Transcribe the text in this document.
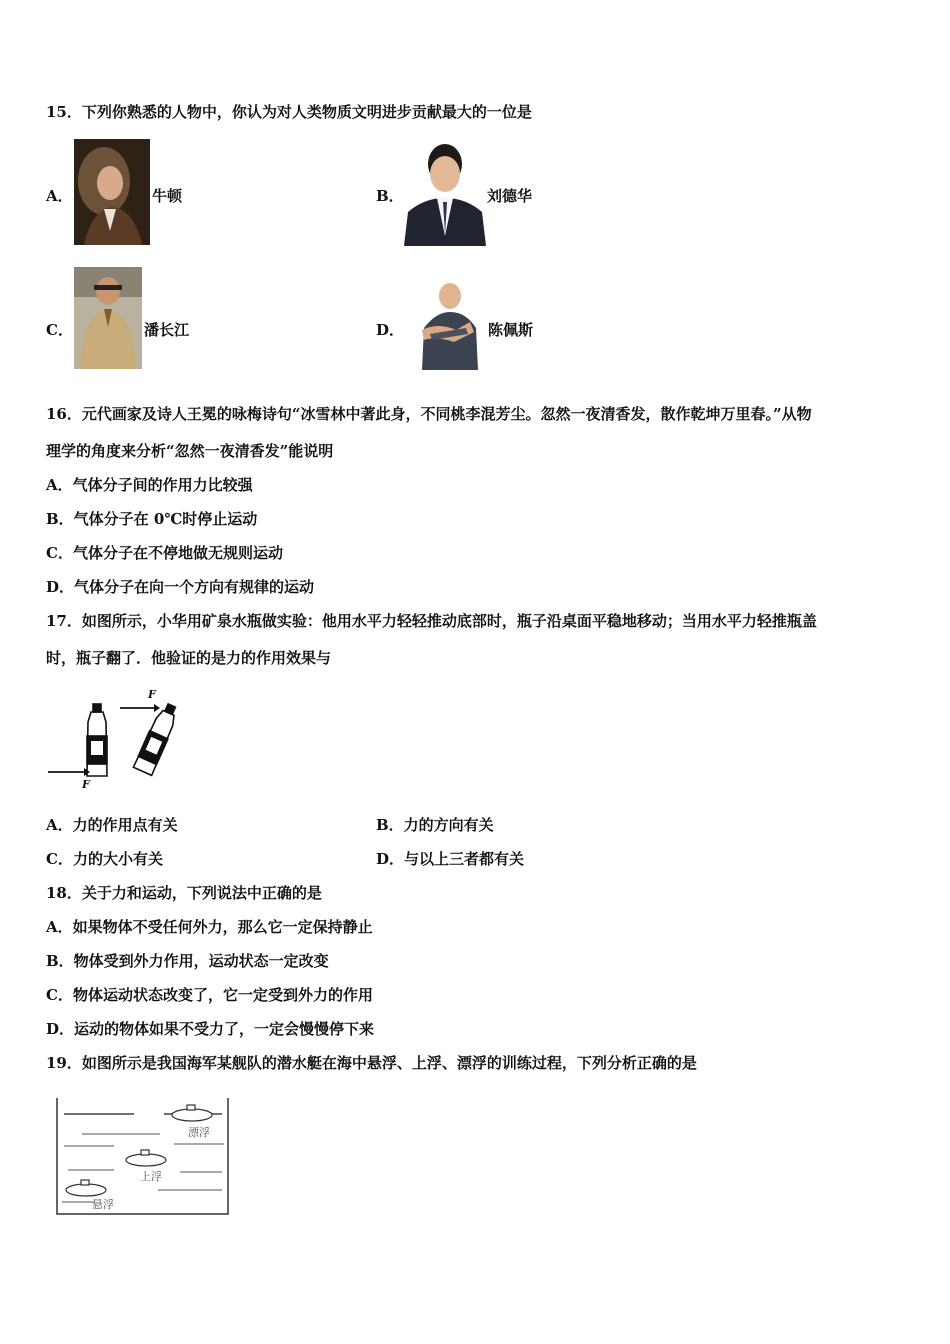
15．下列你熟悉的人物中，你认为对人类物质文明进步贡献最大的一位是
A．	牛顿	B．	刘德华
C．	潘长江	D．	陈佩斯
16．元代画家及诗人王冕的咏梅诗句“冰雪林中著此身，不同桃李混芳尘。忽然一夜清香发，散作乾坤万里春。”从物
理学的角度来分析“忽然一夜清香发”能说明
A．气体分子间的作用力比较强
B．气体分子在 0℃时停止运动
C．气体分子在不停地做无规则运动
D．气体分子在向一个方向有规律的运动
17．如图所示，小华用矿泉水瓶做实验：他用水平力轻轻推动底部时，瓶子沿桌面平稳地移动；当用水平力轻推瓶盖
时，瓶子翻了．他验证的是力的作用效果与
F
F
A．力的作用点有关	B．力的方向有关
C．力的大小有关	D．与以上三者都有关
18．关于力和运动，下列说法中正确的是
A．如果物体不受任何外力，那么它一定保持静止
B．物体受到外力作用，运动状态一定改变
C．物体运动状态改变了，它一定受到外力的作用
D．运动的物体如果不受力了，一定会慢慢停下来
19．如图所示是我国海军某舰队的潜水艇在海中悬浮、上浮、漂浮的训练过程，下列分析正确的是
漂浮
上浮
悬浮
